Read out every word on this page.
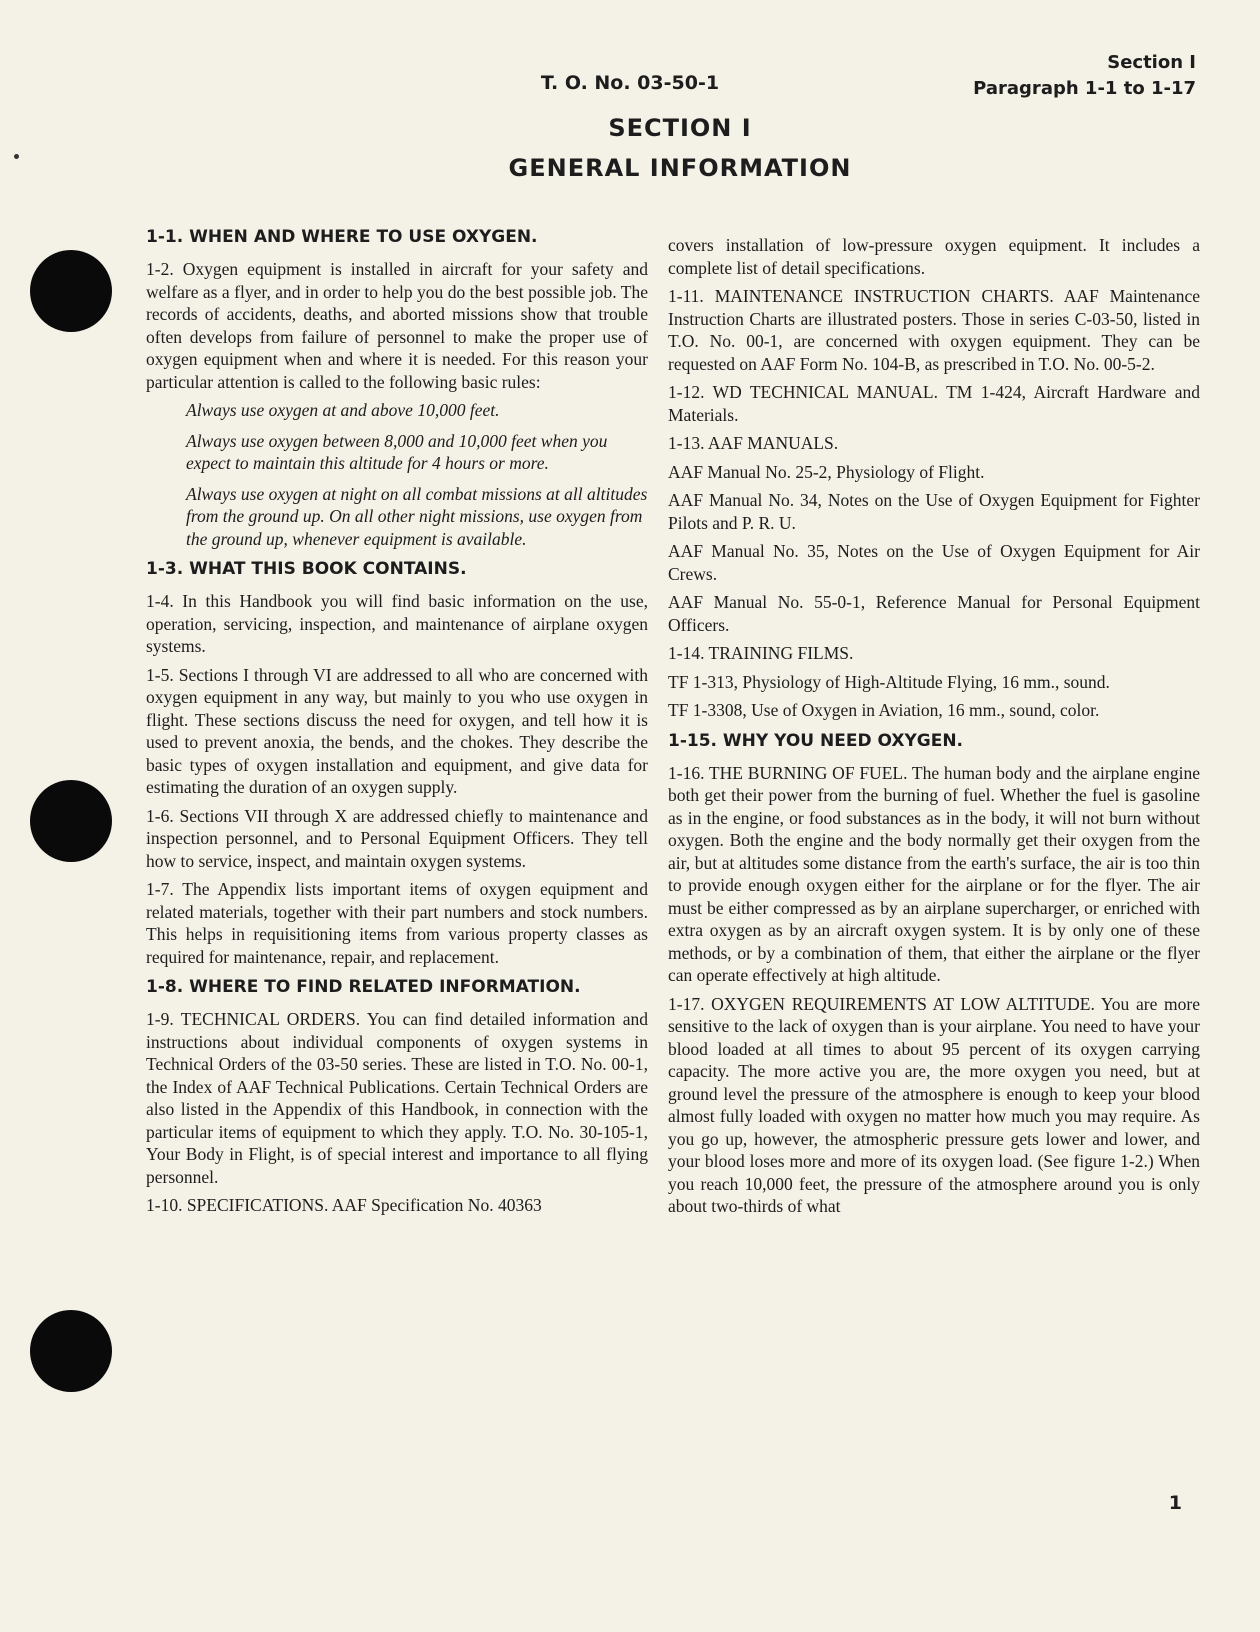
Section I
Paragraph 1-1 to 1-17
T. O. No. 03-50-1
SECTION I
GENERAL INFORMATION
1-1. WHEN AND WHERE TO USE OXYGEN.

1-2. Oxygen equipment is installed in aircraft for your safety and welfare as a flyer, and in order to help you do the best possible job. The records of accidents, deaths, and aborted missions show that trouble often develops from failure of personnel to make the proper use of oxygen equipment when and where it is needed. For this reason your particular attention is called to the following basic rules:

Always use oxygen at and above 10,000 feet.

Always use oxygen between 8,000 and 10,000 feet when you expect to maintain this altitude for 4 hours or more.

Always use oxygen at night on all combat missions at all altitudes from the ground up. On all other night missions, use oxygen from the ground up, whenever equipment is available.

1-3. WHAT THIS BOOK CONTAINS.

1-4. In this Handbook you will find basic information on the use, operation, servicing, inspection, and maintenance of airplane oxygen systems.

1-5. Sections I through VI are addressed to all who are concerned with oxygen equipment in any way, but mainly to you who use oxygen in flight. These sections discuss the need for oxygen, and tell how it is used to prevent anoxia, the bends, and the chokes. They describe the basic types of oxygen installation and equipment, and give data for estimating the duration of an oxygen supply.

1-6. Sections VII through X are addressed chiefly to maintenance and inspection personnel, and to Personal Equipment Officers. They tell how to service, inspect, and maintain oxygen systems.

1-7. The Appendix lists important items of oxygen equipment and related materials, together with their part numbers and stock numbers. This helps in requisitioning items from various property classes as required for maintenance, repair, and replacement.

1-8. WHERE TO FIND RELATED INFORMATION.

1-9. TECHNICAL ORDERS. You can find detailed information and instructions about individual components of oxygen systems in Technical Orders of the 03-50 series. These are listed in T.O. No. 00-1, the Index of AAF Technical Publications. Certain Technical Orders are also listed in the Appendix of this Handbook, in connection with the particular items of equipment to which they apply. T.O. No. 30-105-1, Your Body in Flight, is of special interest and importance to all flying personnel.

1-10. SPECIFICATIONS. AAF Specification No. 40363

covers installation of low-pressure oxygen equipment. It includes a complete list of detail specifications.

1-11. MAINTENANCE INSTRUCTION CHARTS. AAF Maintenance Instruction Charts are illustrated posters. Those in series C-03-50, listed in T.O. No. 00-1, are concerned with oxygen equipment. They can be requested on AAF Form No. 104-B, as prescribed in T.O. No. 00-5-2.

1-12. WD TECHNICAL MANUAL. TM 1-424, Aircraft Hardware and Materials.

1-13. AAF MANUALS.

AAF Manual No. 25-2, Physiology of Flight.

AAF Manual No. 34, Notes on the Use of Oxygen Equipment for Fighter Pilots and P. R. U.

AAF Manual No. 35, Notes on the Use of Oxygen Equipment for Air Crews.

AAF Manual No. 55-0-1, Reference Manual for Personal Equipment Officers.

1-14. TRAINING FILMS.

TF 1-313, Physiology of High-Altitude Flying, 16 mm., sound.

TF 1-3308, Use of Oxygen in Aviation, 16 mm., sound, color.

1-15. WHY YOU NEED OXYGEN.

1-16. THE BURNING OF FUEL. The human body and the airplane engine both get their power from the burning of fuel. Whether the fuel is gasoline as in the engine, or food substances as in the body, it will not burn without oxygen. Both the engine and the body normally get their oxygen from the air, but at altitudes some distance from the earth's surface, the air is too thin to provide enough oxygen either for the airplane or for the flyer. The air must be either compressed as by an airplane supercharger, or enriched with extra oxygen as by an aircraft oxygen system. It is by only one of these methods, or by a combination of them, that either the airplane or the flyer can operate effectively at high altitude.

1-17. OXYGEN REQUIREMENTS AT LOW ALTITUDE. You are more sensitive to the lack of oxygen than is your airplane. You need to have your blood loaded at all times to about 95 percent of its oxygen carrying capacity. The more active you are, the more oxygen you need, but at ground level the pressure of the atmosphere is enough to keep your blood almost fully loaded with oxygen no matter how much you may require. As you go up, however, the atmospheric pressure gets lower and lower, and your blood loses more and more of its oxygen load. (See figure 1-2.) When you reach 10,000 feet, the pressure of the atmosphere around you is only about two-thirds of what

1
